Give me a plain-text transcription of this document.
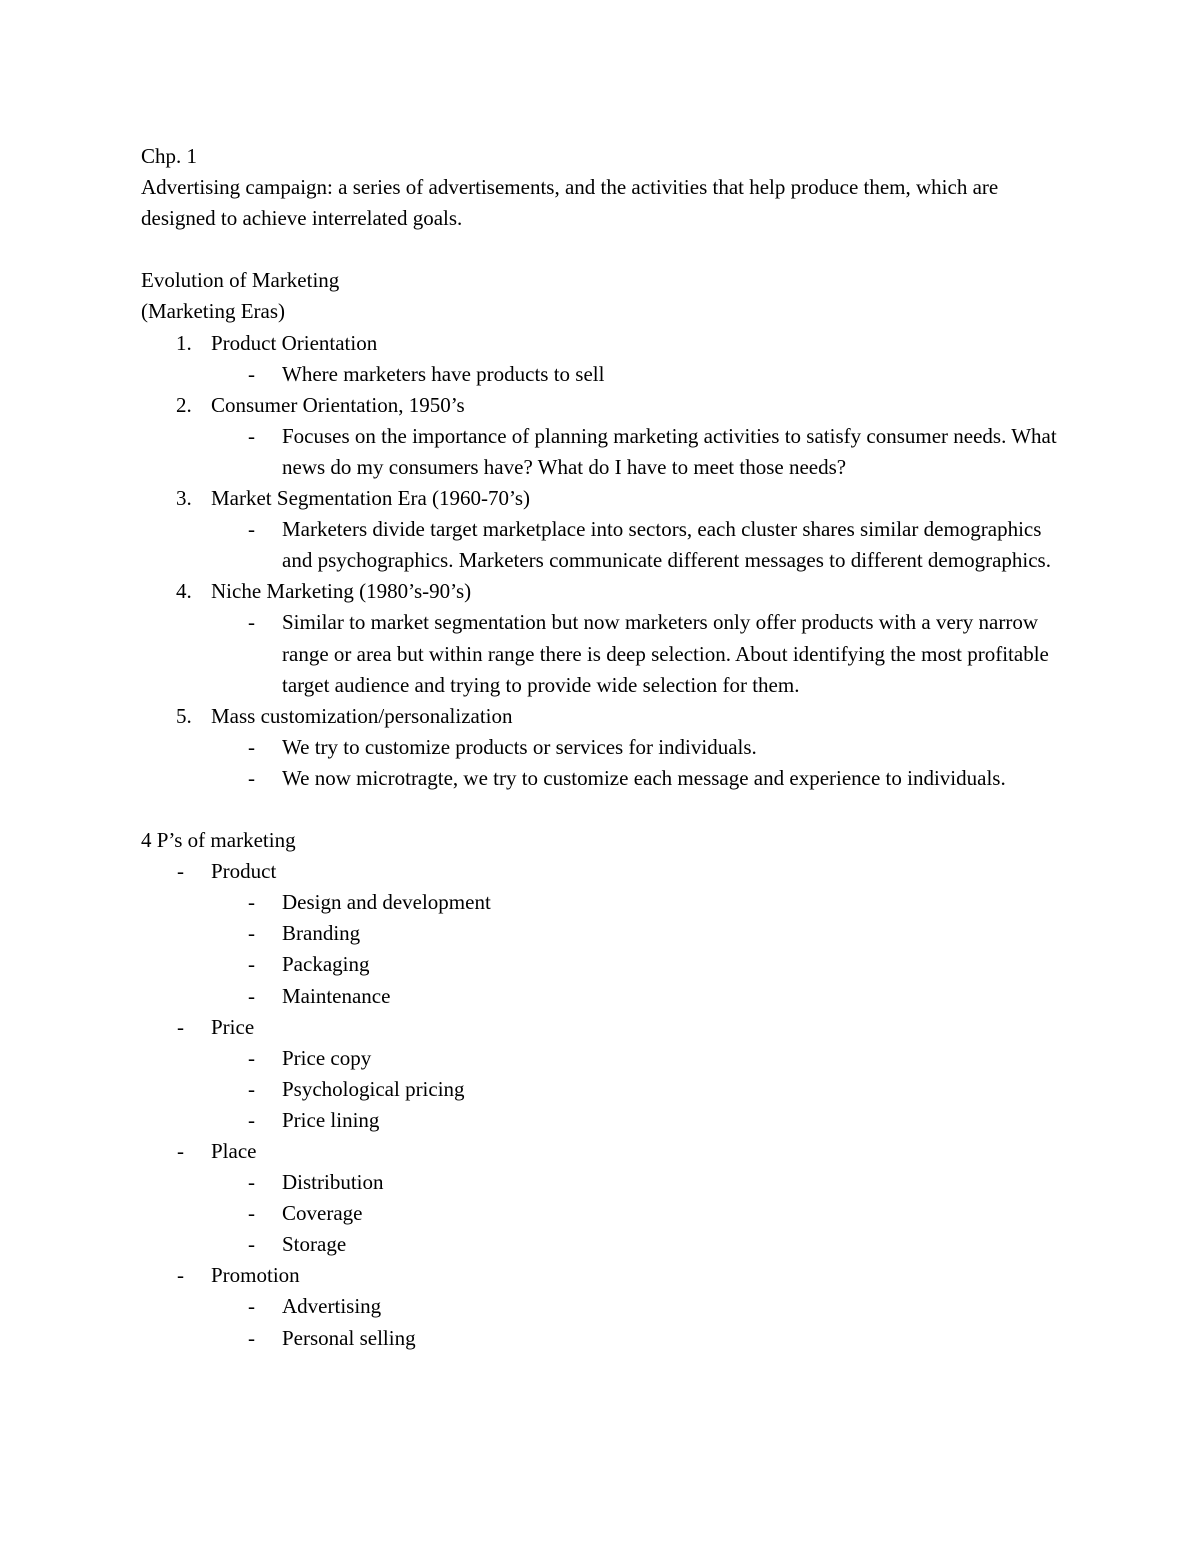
Chp. 1
Advertising campaign: a series of advertisements, and the activities that help produce them, which are designed to achieve interrelated goals.
Evolution of Marketing
(Marketing Eras)
1. Product Orientation
- Where marketers have products to sell
2. Consumer Orientation, 1950’s
- Focuses on the importance of planning marketing activities to satisfy consumer needs. What news do my consumers have? What do I have to meet those needs?
3. Market Segmentation Era (1960-70’s)
- Marketers divide target marketplace into sectors, each cluster shares similar demographics and psychographics. Marketers communicate different messages to different demographics.
4. Niche Marketing (1980’s-90’s)
- Similar to market segmentation but now marketers only offer products with a very narrow range or area but within range there is deep selection. About identifying the most profitable target audience and trying to provide wide selection for them.
5. Mass customization/personalization
- We try to customize products or services for individuals.
- We now microtragte, we try to customize each message and experience to individuals.
4 P’s of marketing
- Product
- Design and development
- Branding
- Packaging
- Maintenance
- Price
- Price copy
- Psychological pricing
- Price lining
- Place
- Distribution
- Coverage
- Storage
- Promotion
- Advertising
- Personal selling
